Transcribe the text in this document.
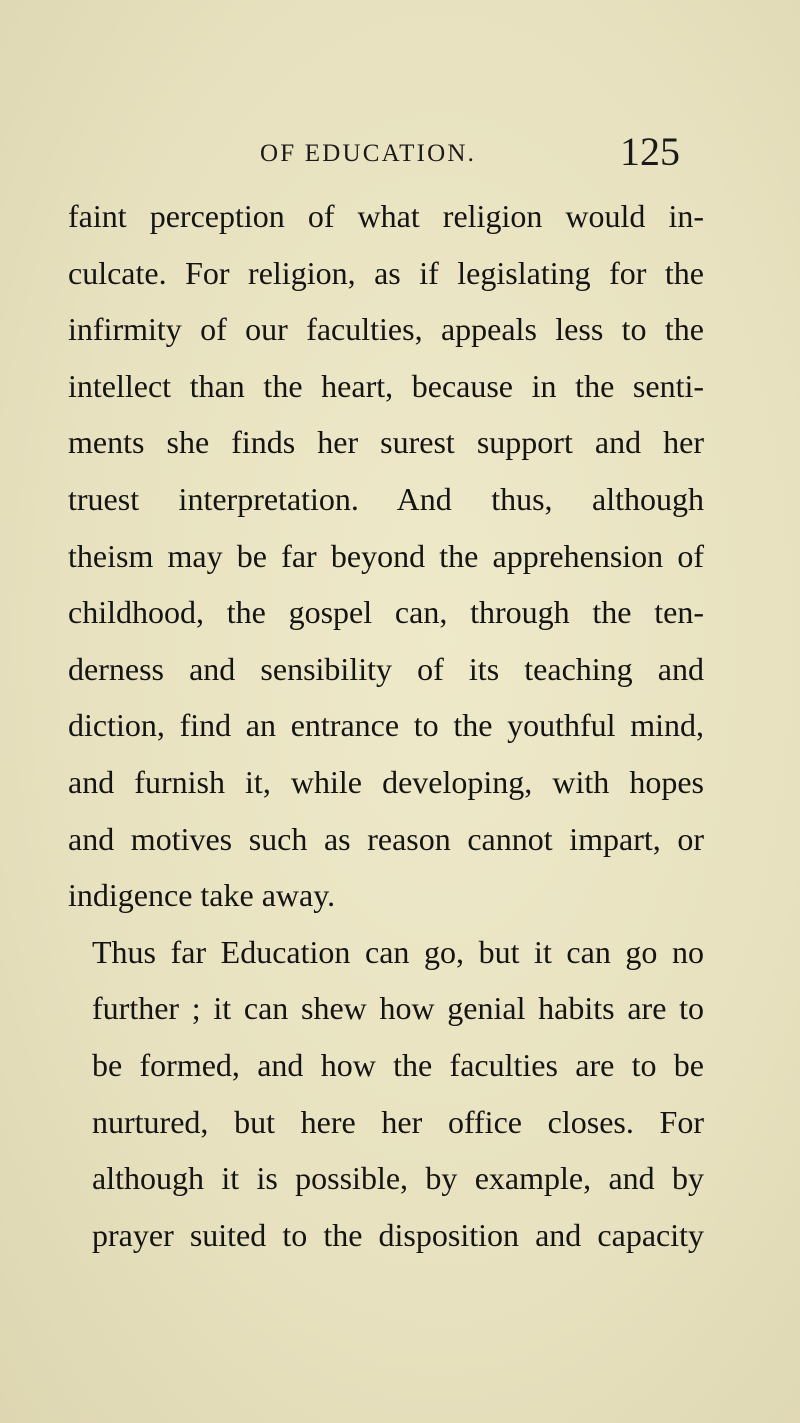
OF EDUCATION.	125
faint perception of what religion would in-
culcate. For religion, as if legislating for the
infirmity of our faculties, appeals less to the
intellect than the heart, because in the senti-
ments she finds her surest support and her
truest interpretation. And thus, although
theism may be far beyond the apprehension of
childhood, the gospel can, through the ten-
derness and sensibility of its teaching and
diction, find an entrance to the youthful mind,
and furnish it, while developing, with hopes
and motives such as reason cannot impart, or
indigence take away.
Thus far Education can go, but it can go no
further ; it can shew how genial habits are to
be formed, and how the faculties are to be
nurtured, but here her office closes. For
although it is possible, by example, and by
prayer suited to the disposition and capacity
